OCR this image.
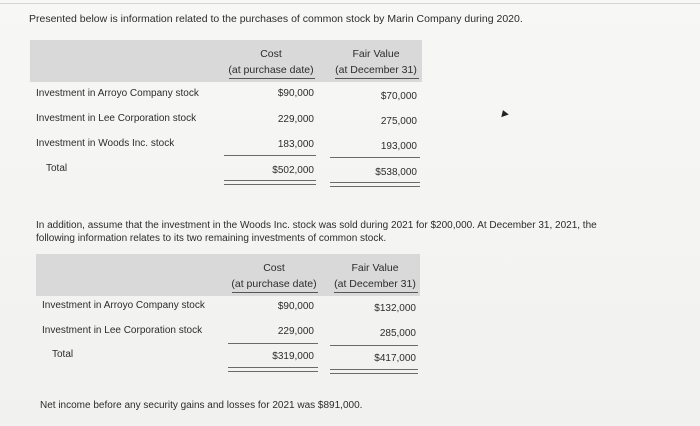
Presented below is information related to the purchases of common stock by Marin Company during 2020.
Cost
(at purchase date)
Fair Value
(at December 31)
Investment in Arroyo Company stock	$90,000	$70,000
Investment in Lee Corporation stock	229,000	275,000
Investment in Woods Inc. stock	183,000	193,000
Total	$502,000	$538,000
In addition, assume that the investment in the Woods Inc. stock was sold during 2021 for $200,000. At December 31, 2021, the following information relates to its two remaining investments of common stock.
Cost
(at purchase date)
Fair Value
(at December 31)
Investment in Arroyo Company stock	$90,000	$132,000
Investment in Lee Corporation stock	229,000	285,000
Total	$319,000	$417,000
Net income before any security gains and losses for 2021 was $891,000.
